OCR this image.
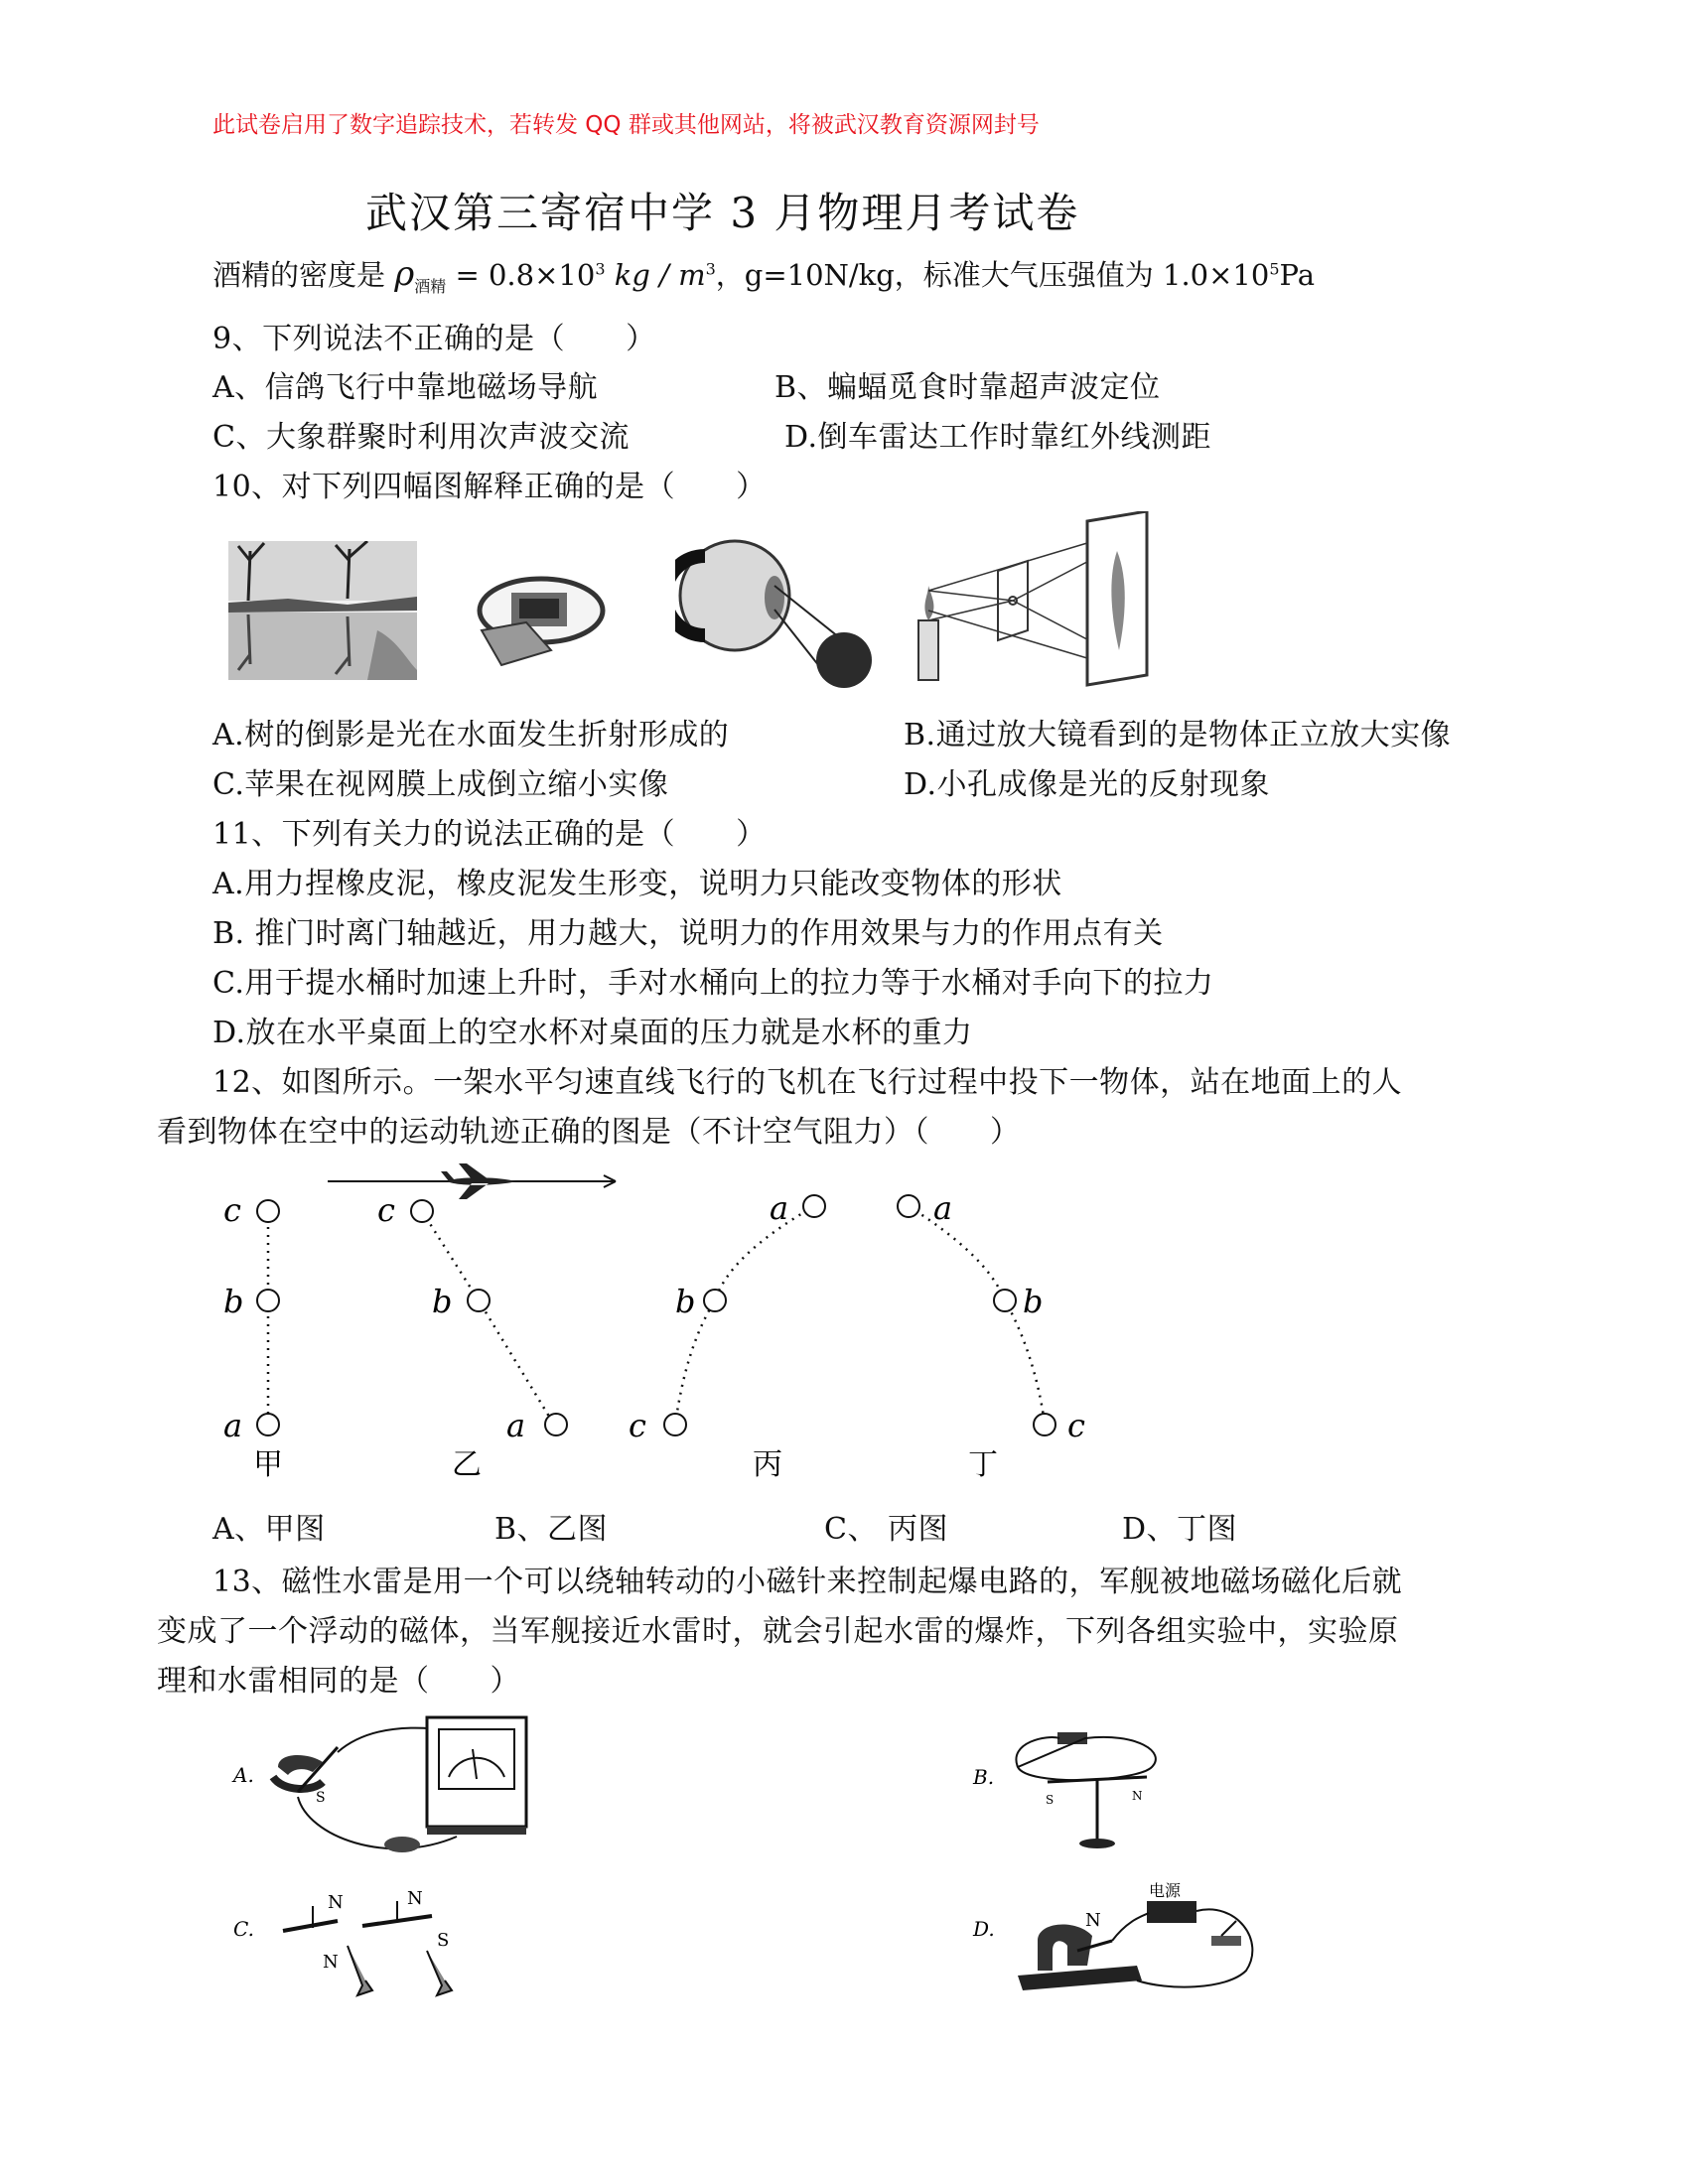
此试卷启用了数字追踪技术，若转发 QQ 群或其他网站，将被武汉教育资源网封号
武汉第三寄宿中学 3 月物理月考试卷
酒精的密度是 $\rho_{酒精} = 0.8\times 10^3$ kg / $m^3$，g=10N/kg，标准大气压强值为 $1.0\times 10^5Pa$
9、下列说法不正确的是（　　）
A、信鸽飞行中靠地磁场导航	B、蝙蝠觅食时靠超声波定位
C、大象群聚时利用次声波交流	D.倒车雷达工作时靠红外线测距
10、对下列四幅图解释正确的是（　　）
A.树的倒影是光在水面发生折射形成的	B.通过放大镜看到的是物体正立放大实像
C.苹果在视网膜上成倒立缩小实像	D.小孔成像是光的反射现象
11、下列有关力的说法正确的是（　　）
A.用力捏橡皮泥，橡皮泥发生形变，说明力只能改变物体的形状
B. 推门时离门轴越近，用力越大，说明力的作用效果与力的作用点有关
C.用于提水桶时加速上升时，手对水桶向上的拉力等于水桶对手向下的拉力
D.放在水平桌面上的空水杯对桌面的压力就是水杯的重力
12、如图所示。一架水平匀速直线飞行的飞机在飞行过程中投下一物体，站在地面上的人
看到物体在空中的运动轨迹正确的图是（不计空气阻力）（　　）
c
b
a
甲
c
b
a
乙
a
b
c
丙
a
b
c
丁
A、甲图	B、乙图	C、 丙图	D、丁图
13、磁性水雷是用一个可以绕轴转动的小磁针来控制起爆电路的，军舰被地磁场磁化后就
变成了一个浮动的磁体，当军舰接近水雷时，就会引起水雷的爆炸，下列各组实验中，实验原
理和水雷相同的是（　　）
A.
S
B.
S	N
C.
N
N
N
S	D.	N
电源
